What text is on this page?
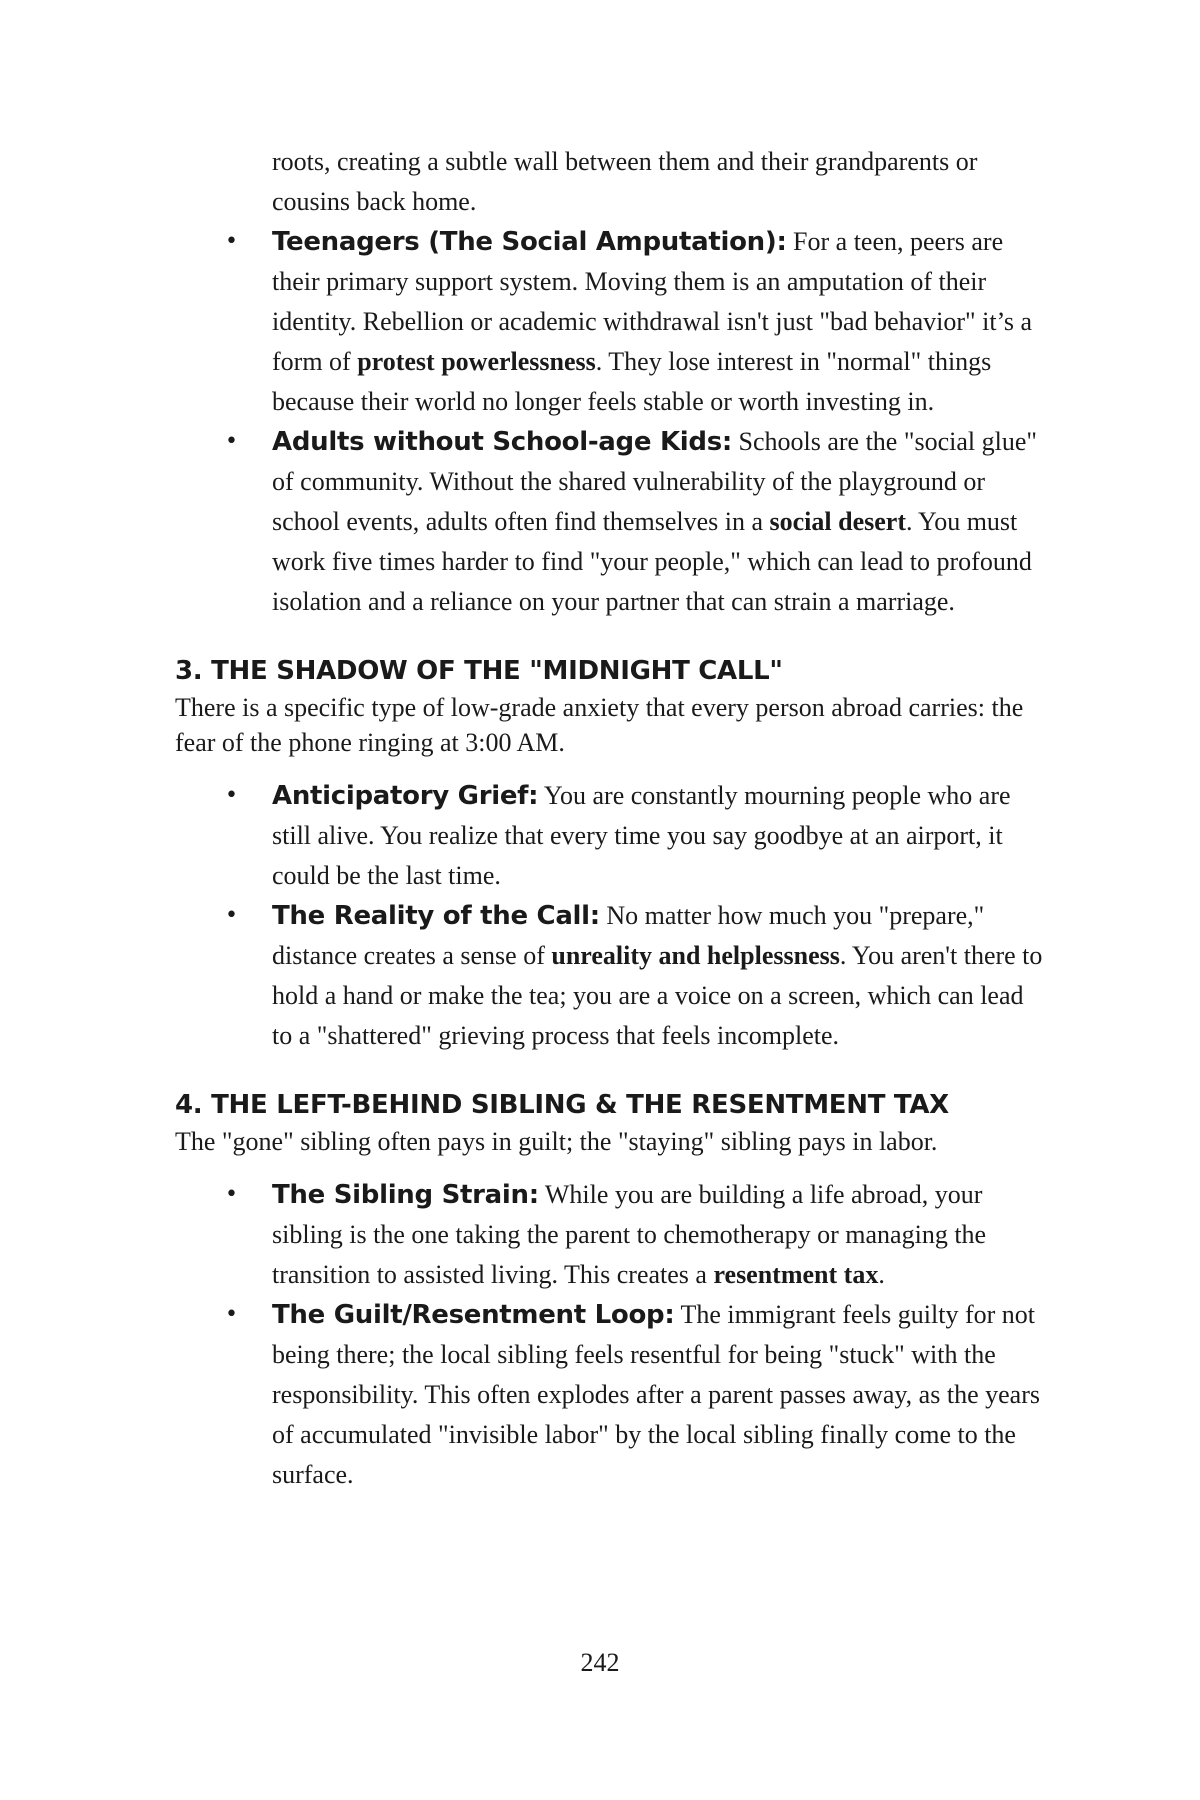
roots, creating a subtle wall between them and their grandparents or cousins back home.

• Teenagers (The Social Amputation): For a teen, peers are their primary support system. Moving them is an amputation of their identity. Rebellion or academic withdrawal isn't just "bad behavior" it’s a form of protest powerlessness. They lose interest in "normal" things because their world no longer feels stable or worth investing in.
• Adults without School-age Kids: Schools are the "social glue" of community. Without the shared vulnerability of the playground or school events, adults often find themselves in a social desert. You must work five times harder to find "your people," which can lead to profound isolation and a reliance on your partner that can strain a marriage.
3. THE SHADOW OF THE "MIDNIGHT CALL"

There is a specific type of low-grade anxiety that every person abroad carries: the fear of the phone ringing at 3:00 AM.

• Anticipatory Grief: You are constantly mourning people who are still alive. You realize that every time you say goodbye at an airport, it could be the last time.
• The Reality of the Call: No matter how much you "prepare," distance creates a sense of unreality and helplessness. You aren't there to hold a hand or make the tea; you are a voice on a screen, which can lead to a "shattered" grieving process that feels incomplete.
4. THE LEFT-BEHIND SIBLING & THE RESENTMENT TAX

The "gone" sibling often pays in guilt; the "staying" sibling pays in labor.

• The Sibling Strain: While you are building a life abroad, your sibling is the one taking the parent to chemotherapy or managing the transition to assisted living. This creates a resentment tax.
• The Guilt/Resentment Loop: The immigrant feels guilty for not being there; the local sibling feels resentful for being "stuck" with the responsibility. This often explodes after a parent passes away, as the years of accumulated "invisible labor" by the local sibling finally come to the surface.
242
